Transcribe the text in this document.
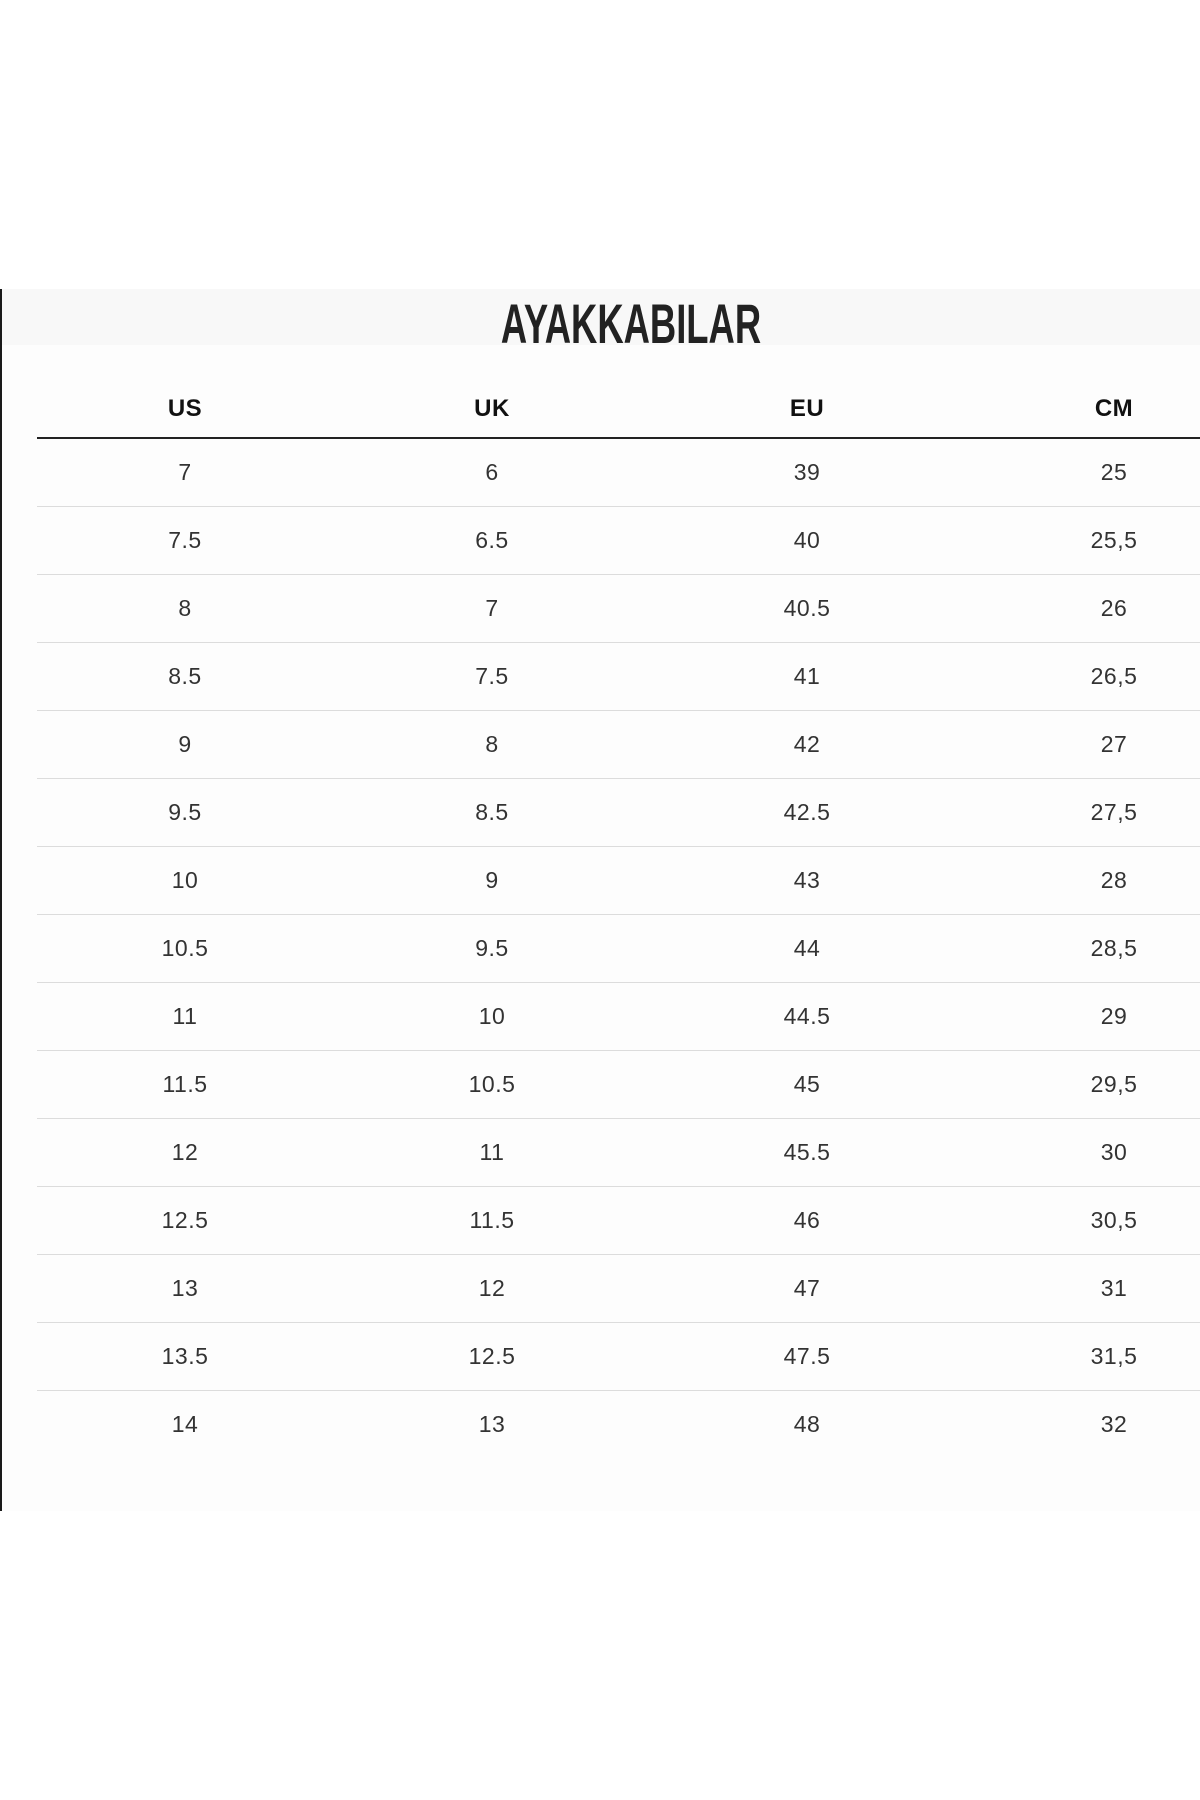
AYAKKABILAR
US	UK	EU	CM
7	6	39	25
7.5	6.5	40	25,5
8	7	40.5	26
8.5	7.5	41	26,5
9	8	42	27
9.5	8.5	42.5	27,5
10	9	43	28
10.5	9.5	44	28,5
11	10	44.5	29
11.5	10.5	45	29,5
12	11	45.5	30
12.5	11.5	46	30,5
13	12	47	31
13.5	12.5	47.5	31,5
14	13	48	32
